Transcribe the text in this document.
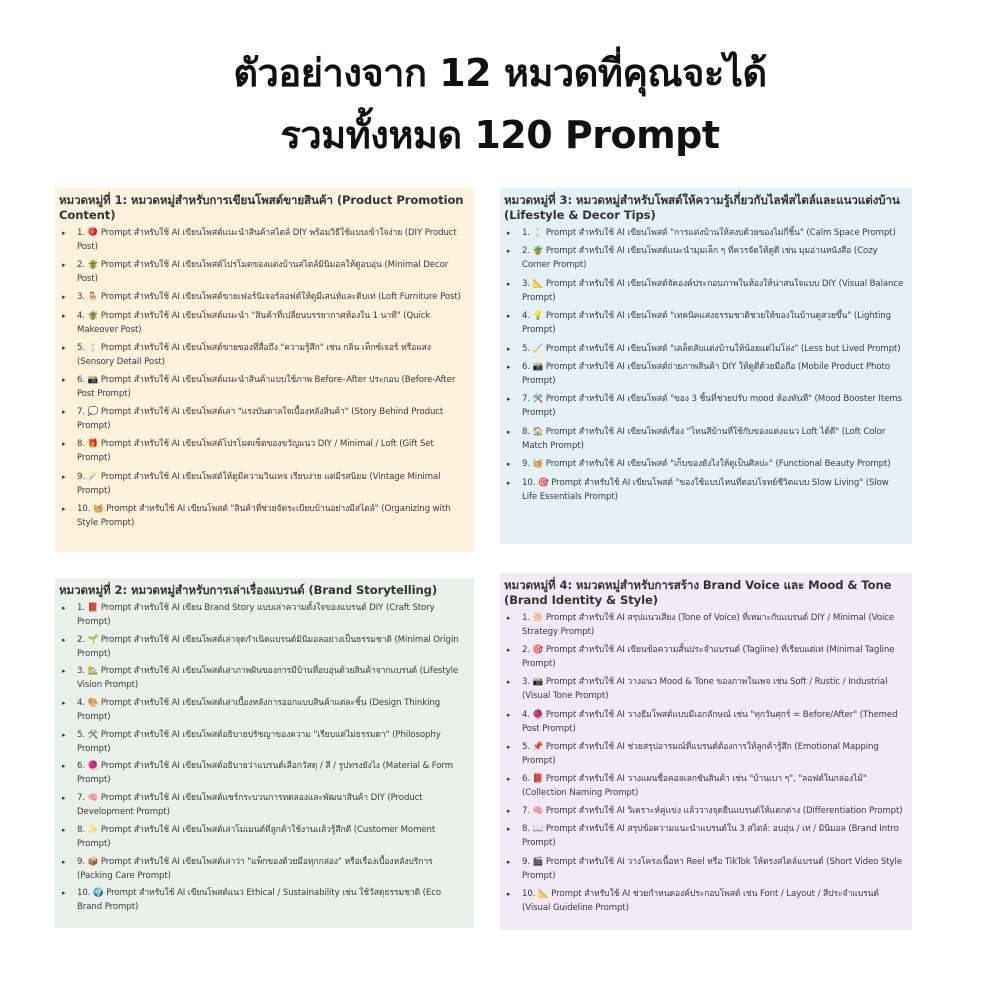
ตัวอย่างจาก 12 หมวดที่คุณจะได้
รวมทั้งหมด 120 Prompt
หมวดหมู่ที่ 1: หมวดหมู่สำหรับการเขียนโพสต์ขายสินค้า (Product Promotion Content)
▸ 1. 🪀 Prompt สำหรับใช้ AI เขียนโพสต์แนะนำสินค้าสไตล์ DIY พร้อมวิธีใช้แบบเข้าใจง่าย (DIY Product Post)
▸ 2. 🪴 Prompt สำหรับใช้ AI เขียนโพสต์โปรโมตของแต่งบ้านสไตล์มินิมอลให้ดูอบอุ่น (Minimal Decor Post)
▸ 3. 🪑 Prompt สำหรับใช้ AI เขียนโพสต์ขายเฟอร์นิเจอร์ลอฟต์ให้ดูมีเสน่ห์และดิบเท่ (Loft Furniture Post)
▸ 4. 🪴 Prompt สำหรับใช้ AI เขียนโพสต์แนะนำ "สินค้าที่เปลี่ยนบรรยากาศห้องใน 1 นาที" (Quick Makeover Post)
▸ 5. 🕯️ Prompt สำหรับใช้ AI เขียนโพสต์ขายของที่สื่อถึง "ความรู้สึก" เช่น กลิ่น เท็กซ์เจอร์ หรือแสง (Sensory Detail Post)
▸ 6. 📸 Prompt สำหรับใช้ AI เขียนโพสต์แนะนำสินค้าแบบใช้ภาพ Before–After ประกอบ (Before-After Post Prompt)
▸ 7. 💭 Prompt สำหรับใช้ AI เขียนโพสต์เล่า "แรงบันดาลใจเบื้องหลังสินค้า" (Story Behind Product Prompt)
▸ 8. 🎁 Prompt สำหรับใช้ AI เขียนโพสต์โปรโมตเซ็ตของขวัญแนว DIY / Minimal / Loft (Gift Set Prompt)
▸ 9. 🪄 Prompt สำหรับใช้ AI เขียนโพสต์ให้ดูมีความวินเทจ เรียบง่าย แต่มีรสนิยม (Vintage Minimal Prompt)
▸ 10. 🧺 Prompt สำหรับใช้ AI เขียนโพสต์ "สินค้าที่ช่วยจัดระเบียบบ้านอย่างมีสไตล์" (Organizing with Style Prompt)
หมวดหมู่ที่ 3: หมวดหมู่สำหรับโพสต์ให้ความรู้เกี่ยวกับไลฟ์สไตล์และแนวแต่งบ้าน (Lifestyle & Decor Tips)
▸ 1. 🕯️ Prompt สำหรับใช้ AI เขียนโพสต์ "การแต่งบ้านให้สงบด้วยของไม่กี่ชิ้น" (Calm Space Prompt)
▸ 2. 🪴 Prompt สำหรับใช้ AI เขียนโพสต์แนะนำมุมเล็ก ๆ ที่ควรจัดให้ดูดี เช่น มุมอ่านหนังสือ (Cozy Corner Prompt)
▸ 3. 📐 Prompt สำหรับใช้ AI เขียนโพสต์จัดองค์ประกอบภาพในห้องให้น่าสนใจแบบ DIY (Visual Balance Prompt)
▸ 4. 💡 Prompt สำหรับใช้ AI เขียนโพสต์ "เทคนิคแสงธรรมชาติช่วยให้ของในบ้านดูสวยขึ้น" (Lighting Prompt)
▸ 5. 🧹 Prompt สำหรับใช้ AI เขียนโพสต์ "เคล็ดลับแต่งบ้านให้น้อยแต่ไม่โล่ง" (Less but Lived Prompt)
▸ 6. 📸 Prompt สำหรับใช้ AI เขียนโพสต์ถ่ายภาพสินค้า DIY ให้ดูดีด้วยมือถือ (Mobile Product Photo Prompt)
▸ 7. 🛠️ Prompt สำหรับใช้ AI เขียนโพสต์ "ของ 3 ชิ้นที่ช่วยปรับ mood ห้องทันที" (Mood Booster Items Prompt)
▸ 8. 🏠 Prompt สำหรับใช้ AI เขียนโพสต์เรื่อง "โทนสีบ้านที่ใช้กับของแต่งแนว Loft ได้ดี" (Loft Color Match Prompt)
▸ 9. 🧺 Prompt สำหรับใช้ AI เขียนโพสต์ "เก็บของยังไงให้ดูเป็นศิลปะ" (Functional Beauty Prompt)
▸ 10. 🎯 Prompt สำหรับใช้ AI เขียนโพสต์ "ของใช้แบบไหนที่ตอบโจทย์ชีวิตแบบ Slow Living" (Slow Life Essentials Prompt)
หมวดหมู่ที่ 2: หมวดหมู่สำหรับการเล่าเรื่องแบรนด์ (Brand Storytelling)
▸ 1. 📕 Prompt สำหรับใช้ AI เขียน Brand Story แบบเล่าความตั้งใจของแบรนด์ DIY (Craft Story Prompt)
▸ 2. 🌱 Prompt สำหรับใช้ AI เขียนโพสต์เล่าจุดกำเนิดแบรนด์มินิมอลอย่างเป็นธรรมชาติ (Minimal Origin Prompt)
▸ 3. 🏡 Prompt สำหรับใช้ AI เขียนโพสต์เล่าภาพฝันของการมีบ้านที่อบอุ่นด้วยสินค้าจากแบรนด์ (Lifestyle Vision Prompt)
▸ 4. 🎨 Prompt สำหรับใช้ AI เขียนโพสต์เล่าเบื้องหลังการออกแบบสินค้าแต่ละชิ้น (Design Thinking Prompt)
▸ 5. 🛠️ Prompt สำหรับใช้ AI เขียนโพสต์อธิบายปรัชญาของความ "เรียบแต่ไม่ธรรมดา" (Philosophy Prompt)
▸ 6. 🧶 Prompt สำหรับใช้ AI เขียนโพสต์อธิบายว่าแบรนด์เลือกวัสดุ / สี / รูปทรงยังไง (Material & Form Prompt)
▸ 7. 🧠 Prompt สำหรับใช้ AI เขียนโพสต์แชร์กระบวนการทดลองและพัฒนาสินค้า DIY (Product Development Prompt)
▸ 8. ✨ Prompt สำหรับใช้ AI เขียนโพสต์เล่าโมเมนต์ที่ลูกค้าใช้งานแล้วรู้สึกดี (Customer Moment Prompt)
▸ 9. 📦 Prompt สำหรับใช้ AI เขียนโพสต์เล่าว่า "แพ็กของด้วยมือทุกกล่อง" หรือเรื่องเบื้องหลังบริการ (Packing Care Prompt)
▸ 10. 🌍 Prompt สำหรับใช้ AI เขียนโพสต์แนว Ethical / Sustainability เช่น ใช้วัสดุธรรมชาติ (Eco Brand Prompt)
หมวดหมู่ที่ 4: หมวดหมู่สำหรับการสร้าง Brand Voice และ Mood & Tone (Brand Identity & Style)
▸ 1. 🔆 Prompt สำหรับใช้ AI สรุปแนวเสียง (Tone of Voice) ที่เหมาะกับแบรนด์ DIY / Minimal (Voice Strategy Prompt)
▸ 2. 🎯 Prompt สำหรับใช้ AI เขียนข้อความสั้นประจำแบรนด์ (Tagline) ที่เรียบแต่เท่ (Minimal Tagline Prompt)
▸ 3. 📸 Prompt สำหรับใช้ AI วางแนว Mood & Tone ของภาพในเพจ เช่น Soft / Rustic / Industrial (Visual Tone Prompt)
▸ 4. 🧶 Prompt สำหรับใช้ AI วางธีมโพสต์แบบมีเอกลักษณ์ เช่น "ทุกวันศุกร์ = Before/After" (Themed Post Prompt)
▸ 5. 📌 Prompt สำหรับใช้ AI ช่วยสรุปอารมณ์ที่แบรนด์ต้องการให้ลูกค้ารู้สึก (Emotional Mapping Prompt)
▸ 6. 📕 Prompt สำหรับใช้ AI วางแผนชื่อคอลเลกชันสินค้า เช่น "บ้านเบา ๆ", "ลอฟต์ในกล่องไม้" (Collection Naming Prompt)
▸ 7. 🧠 Prompt สำหรับใช้ AI วิเคราะห์คู่แข่ง แล้ววางจุดยืนแบรนด์ให้แตกต่าง (Differentiation Prompt)
▸ 8. 📖 Prompt สำหรับใช้ AI สรุปข้อความแนะนำแบรนด์ใน 3 สไตล์: อบอุ่น / เท่ / มินิมอล (Brand Intro Prompt)
▸ 9. 🎬 Prompt สำหรับใช้ AI วางโครงเนื้อหา Reel หรือ TikTok ให้ตรงสไตล์แบรนด์ (Short Video Style Prompt)
▸ 10. 📐 Prompt สำหรับใช้ AI ช่วยกำหนดองค์ประกอบโพสต์ เช่น Font / Layout / สีประจำแบรนด์ (Visual Guideline Prompt)
